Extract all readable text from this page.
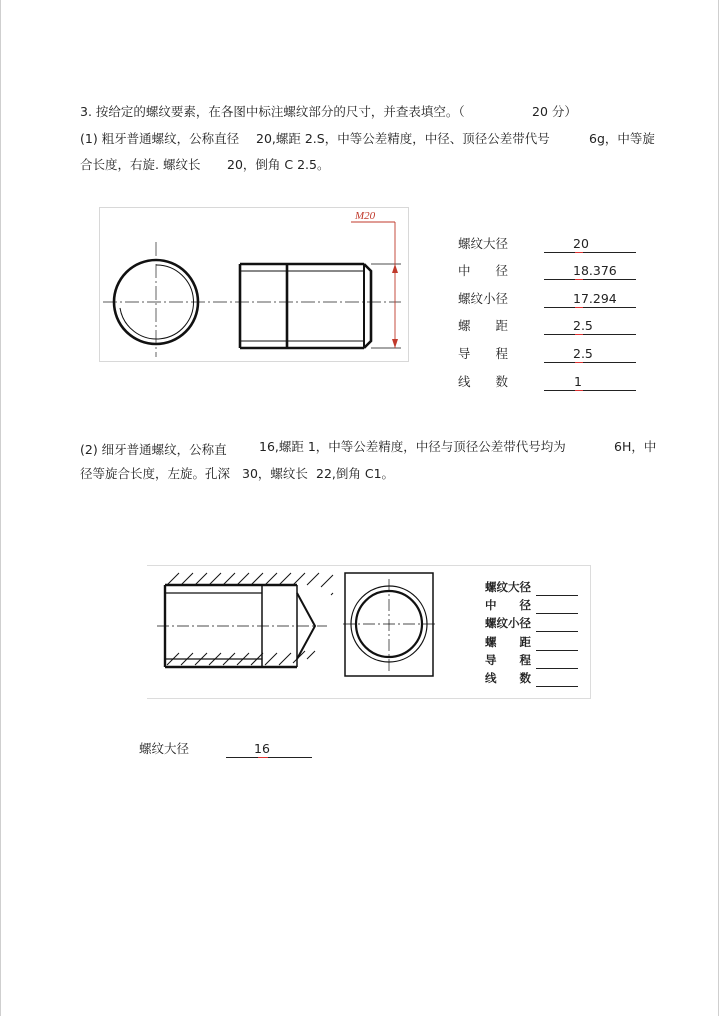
3. 按给定的螺纹要素，在各图中标注螺纹部分的尺寸，并查表填空。（	20 分）
(1) 粗牙普通螺纹，公称直径 20,螺距 2.S，中等公差精度，中径、顶径公差带代号	6g，中等旋
合长度，右旋. 螺纹长 20，倒角 C 2.5。
M20
螺纹大径	20
中　　径	18.376
螺纹小径	17.294
螺　　距	2.5
导　　程	2.5
线　　数	1
(2) 细牙普通螺纹，公称直	16,螺距 1，中等公差精度，中径与顶径公差带代号均为	6H，中
径等旋合长度，左旋。孔深 30，螺纹长 22,倒角 C1。
螺纹大径
中　　径
螺纹小径
螺　　距
导　　程
线　　数
螺纹大径	16
